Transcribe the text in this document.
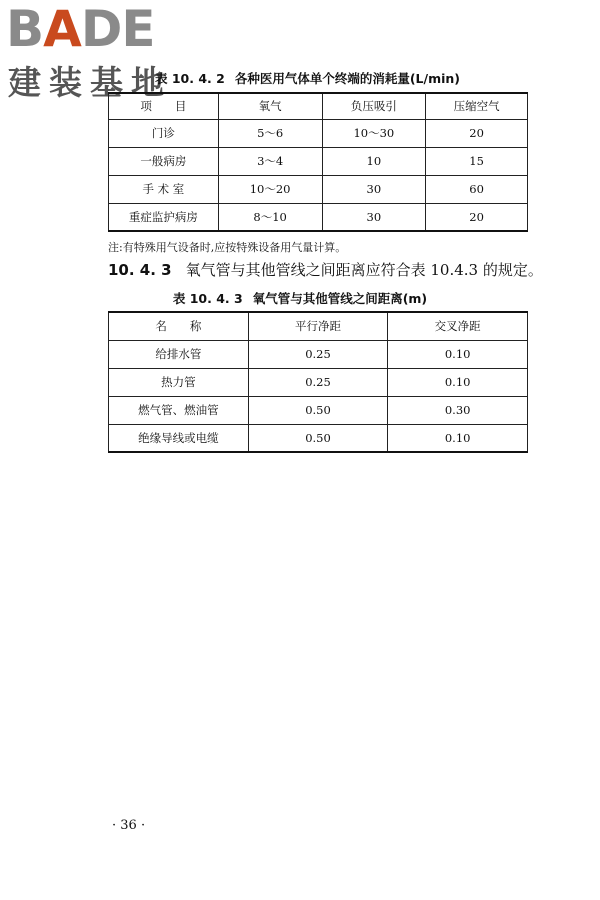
BADE
建装基地
表 10. 4. 2 各种医用气体单个终端的消耗量(L/min)
项　　目	氧气	负压吸引	压缩空气
门诊	5～6	10～30	20
一般病房	3～4	10	15
手 术 室	10～20	30	60
重症监护病房	8～10	30	20
注:有特殊用气设备时,应按特殊设备用气量计算。
10. 4. 3 氧气管与其他管线之间距离应符合表 10.4.3 的规定。
表 10. 4. 3 氧气管与其他管线之间距离(m)
名　　称	平行净距	交叉净距
给排水管	0.25	0.10
热力管	0.25	0.10
燃气管、燃油管	0.50	0.30
绝缘导线或电缆	0.50	0.10
· 36 ·
